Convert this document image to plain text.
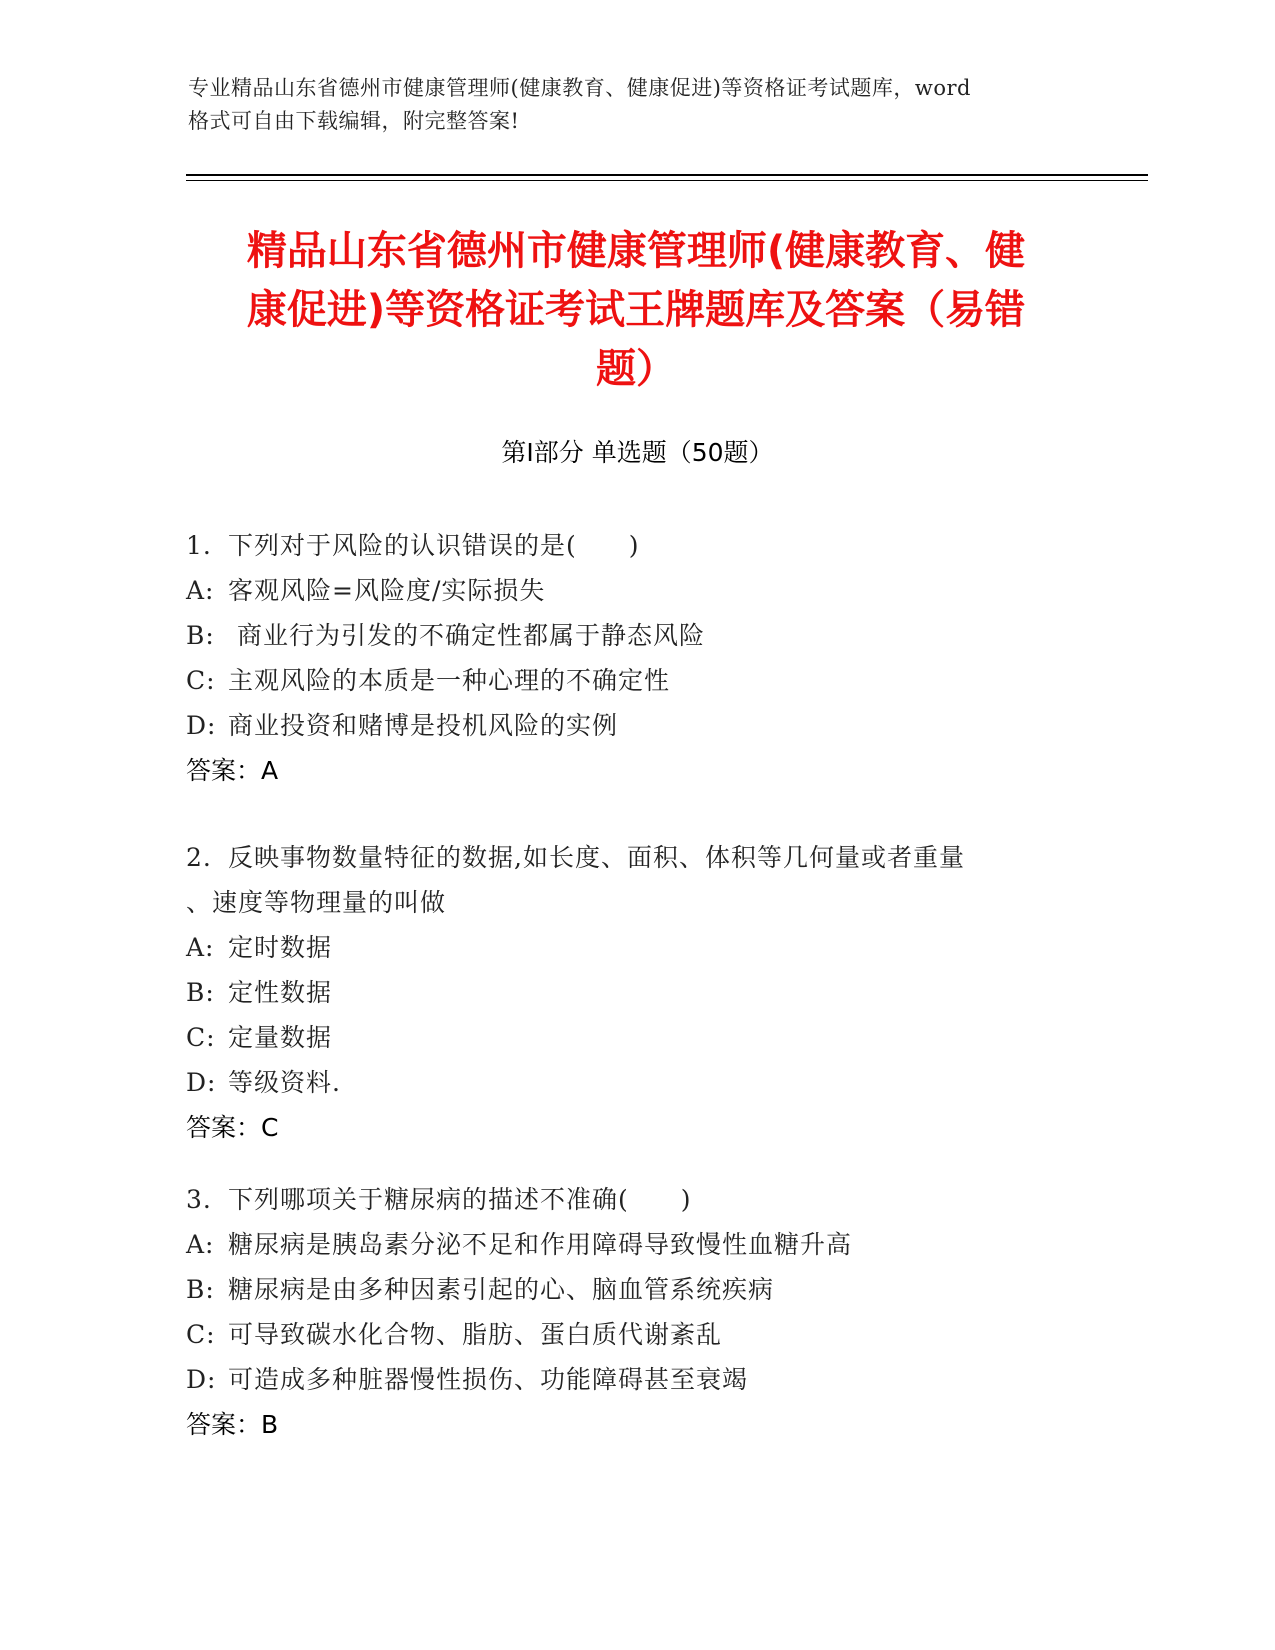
专业精品山东省德州市健康管理师(健康教育、健康促进)等资格证考试题库，word
格式可自由下载编辑，附完整答案!
精品山东省德州市健康管理师(健康教育、健
康促进)等资格证考试王牌题库及答案（易错
题）
第Ⅰ部分 单选题（50题）
1. 下列对于风险的认识错误的是(　　)
A: 客观风险=风险度/实际损失
B: 商业行为引发的不确定性都属于静态风险
C: 主观风险的本质是一种心理的不确定性
D: 商业投资和赌博是投机风险的实例
答案：A
2. 反映事物数量特征的数据,如长度、面积、体积等几何量或者重量
、速度等物理量的叫做
A: 定时数据
B: 定性数据
C: 定量数据
D: 等级资料.
答案：C
3. 下列哪项关于糖尿病的描述不准确(　　)
A: 糖尿病是胰岛素分泌不足和作用障碍导致慢性血糖升高
B: 糖尿病是由多种因素引起的心、脑血管系统疾病
C: 可导致碳水化合物、脂肪、蛋白质代谢紊乱
D: 可造成多种脏器慢性损伤、功能障碍甚至衰竭
答案：B
